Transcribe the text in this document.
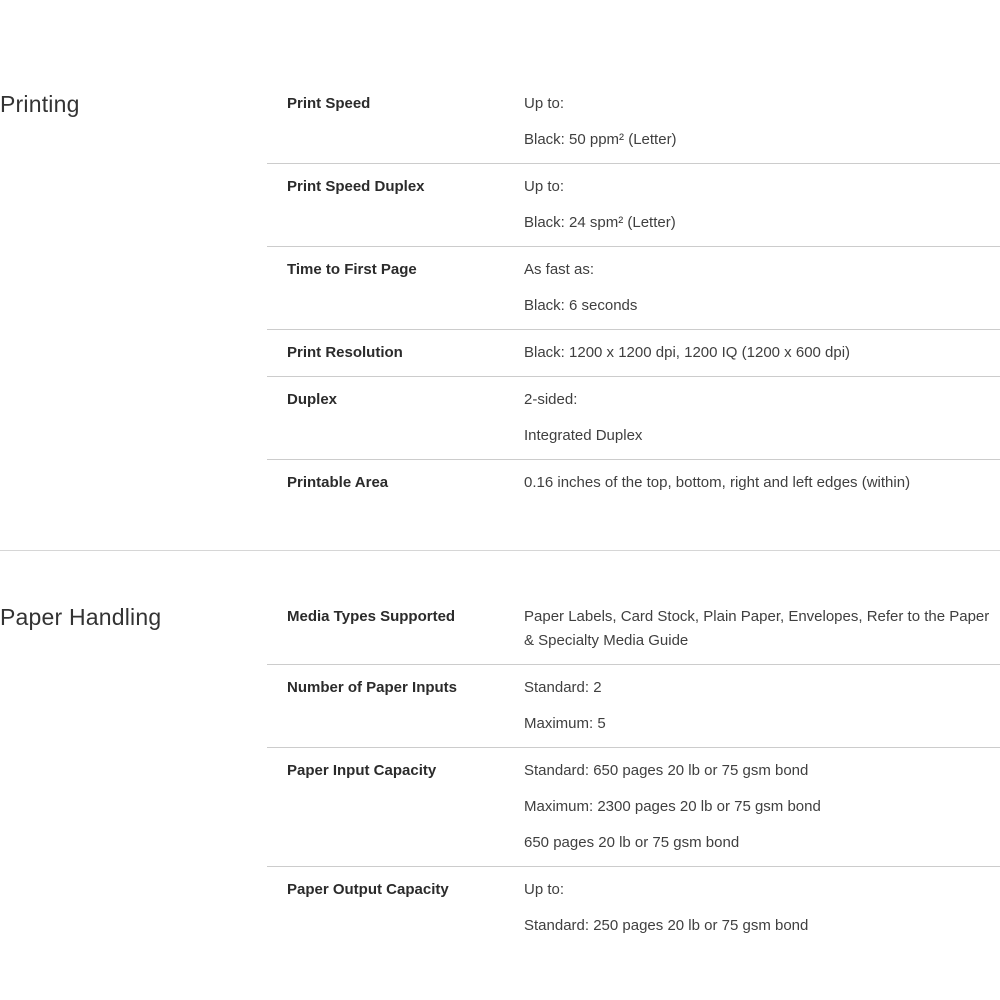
Printing	Print Speed	Up to:

Black: 50 ppm² (Letter)

Print Speed Duplex	Up to:

Black: 24 spm² (Letter)

Time to First Page	As fast as:

Black: 6 seconds

Print Resolution	Black: 1200 x 1200 dpi, 1200 IQ (1200 x 600 dpi)

Duplex	2-sided:

Integrated Duplex

Printable Area	0.16 inches of the top, bottom, right and left edges (within)

Paper Handling	Media Types Supported	Paper Labels, Card Stock, Plain Paper, Envelopes, Refer to the Paper & Specialty Media Guide

Number of Paper Inputs	Standard: 2

Maximum: 5

Paper Input Capacity	Standard: 650 pages 20 lb or 75 gsm bond

Maximum: 2300 pages 20 lb or 75 gsm bond

650 pages 20 lb or 75 gsm bond

Paper Output Capacity	Up to:

Standard: 250 pages 20 lb or 75 gsm bond
